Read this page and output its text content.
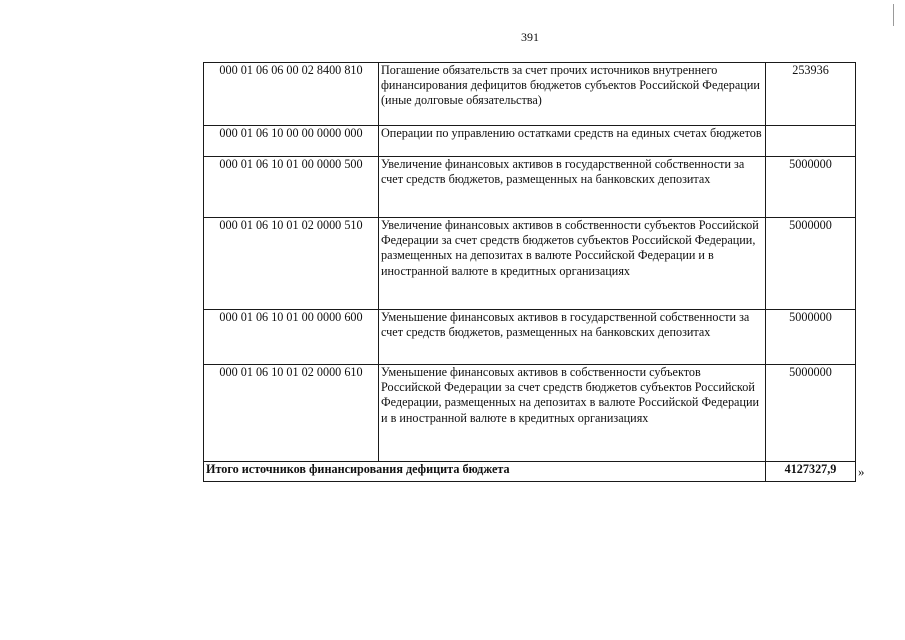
391
000 01 06 06 00 02 8400 810	Погашение обязательств за счет прочих источников внутреннего финансирования дефицитов бюджетов субъектов Российской Федерации (иные долговые обязательства)	253936
000 01 06 10 00 00 0000 000	Операции по управлению остатками средств на единых счетах бюджетов	
000 01 06 10 01 00 0000 500	Увеличение финансовых активов в государственной собственности за счет средств бюджетов, размещенных на банковских депозитах	5000000
000 01 06 10 01 02 0000 510	Увеличение финансовых активов в собственности субъектов Российской Федерации за счет средств бюджетов субъектов Российской Федерации, размещенных на депозитах в валюте Российской Федерации и в иностранной валюте в кредитных организациях	5000000
000 01 06 10 01 00 0000 600	Уменьшение финансовых активов в государственной собственности за счет средств бюджетов, размещенных на банковских депозитах	5000000
000 01 06 10 01 02 0000 610	Уменьшение финансовых активов в собственности субъектов Российской Федерации за счет средств бюджетов субъектов Российской Федерации, размещенных на депозитах в валюте Российской Федерации и в иностранной валюте в кредитных организациях	5000000
Итого источников финансирования дефицита бюджета		4127327,9 »
